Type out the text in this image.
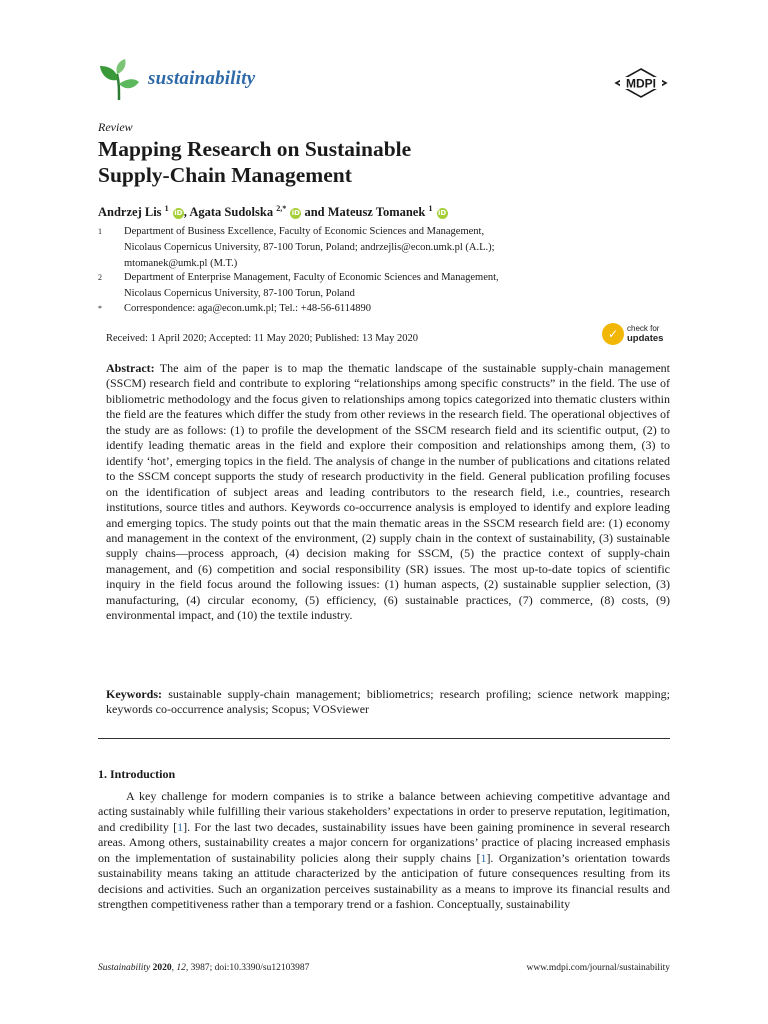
sustainability	MDPI
Review
Mapping Research on Sustainable
Supply-Chain Management
Andrzej Lis $^1$ iD, Agata Sudolska $^{2,*}$ iD and Mateusz Tomanek $^1$ iD
1 Department of Business Excellence, Faculty of Economic Sciences and Management,
Nicolaus Copernicus University, 87-100 Torun, Poland; andrzejlis@econ.umk.pl (A.L.);
mtomanek@umk.pl (M.T.)
2 Department of Enterprise Management, Faculty of Economic Sciences and Management,
Nicolaus Copernicus University, 87-100 Torun, Poland
* Correspondence: aga@econ.umk.pl; Tel.: +48-56-6114890
Received: 1 April 2020; Accepted: 11 May 2020; Published: 13 May 2020	✓	check for
updates

Abstract: The aim of the paper is to map the thematic landscape of the sustainable supply-chain management (SSCM) research field and contribute to exploring “relationships among specific constructs” in the field. The use of bibliometric methodology and the focus given to relationships among topics categorized into thematic clusters within the field are the features which differ the study from other reviews in the research field. The operational objectives of the study are as follows: (1) to profile the development of the SSCM research field and its scientific output, (2) to identify leading thematic areas in the field and explore their composition and relationships among them, (3) to identify ‘hot’, emerging topics in the field. The analysis of change in the number of publications and citations related to the SSCM concept supports the study of research productivity in the field. General publication profiling focuses on the identification of subject areas and leading contributors to the research field, i.e., countries, research institutions, source titles and authors. Keywords co-occurrence analysis is employed to identify and explore leading and emerging topics. The study points out that the main thematic areas in the SSCM research field are: (1) economy and management in the context of the environment, (2) supply chain in the context of sustainability, (3) sustainable supply chains—process approach, (4) decision making for SSCM, (5) the practice context of supply-chain management, and (6) competition and social responsibility (SR) issues. The most up-to-date topics of scientific inquiry in the field focus around the following issues: (1) human aspects, (2) sustainable supplier selection, (3) manufacturing, (4) circular economy, (5) efficiency, (6) sustainable practices, (7) commerce, (8) costs, (9) environmental impact, and (10) the textile industry.

Keywords: sustainable supply-chain management; bibliometrics; research profiling; science network mapping; keywords co-occurrence analysis; Scopus; VOSviewer

1. Introduction

A key challenge for modern companies is to strike a balance between achieving competitive advantage and acting sustainably while fulfilling their various stakeholders’ expectations in order to preserve reputation, legitimation, and credibility [1]. For the last two decades, sustainability issues have been gaining prominence in several research areas. Among others, sustainability creates a major concern for organizations’ practice of placing increased emphasis on the implementation of sustainability policies along their supply chains [1]. Organization’s orientation towards sustainability means taking an attitude characterized by the anticipation of future consequences resulting from its decisions and activities. Such an organization perceives sustainability as a means to improve its financial results and strengthen competitiveness rather than a temporary trend or a fashion. Conceptually, sustainability

Sustainability 2020, 12, 3987; doi:10.3390/su12103987	www.mdpi.com/journal/sustainability
